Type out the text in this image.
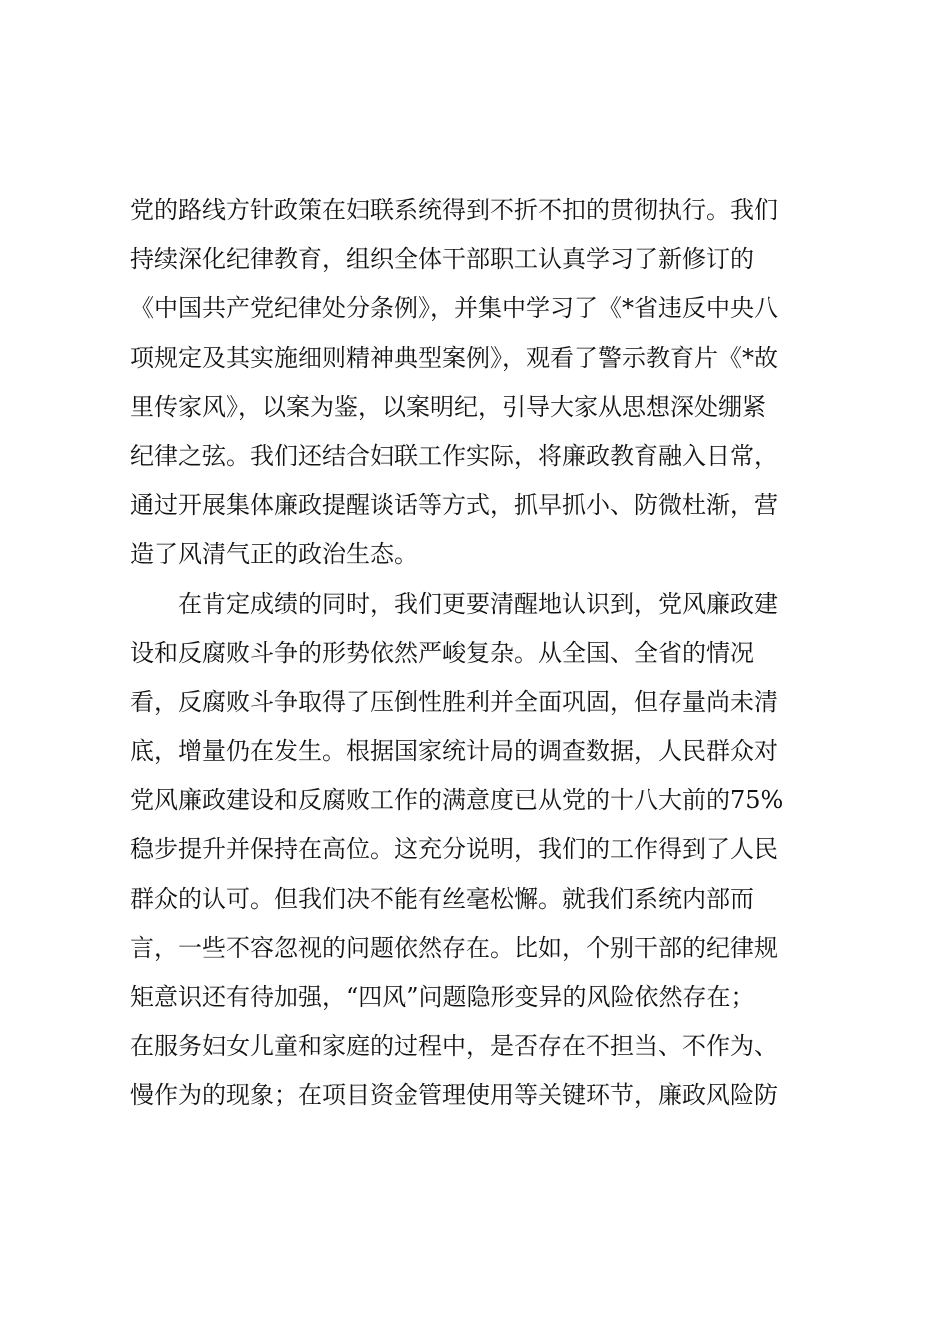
党的路线方针政策在妇联系统得到不折不扣的贯彻执行。我们
持续深化纪律教育，组织全体干部职工认真学习了新修订的
《中国共产党纪律处分条例》，并集中学习了《*省违反中央八
项规定及其实施细则精神典型案例》，观看了警示教育片《*故
里传家风》，以案为鉴，以案明纪，引导大家从思想深处绷紧
纪律之弦。我们还结合妇联工作实际，将廉政教育融入日常，
通过开展集体廉政提醒谈话等方式，抓早抓小、防微杜渐，营
造了风清气正的政治生态。
　　在肯定成绩的同时，我们更要清醒地认识到，党风廉政建
设和反腐败斗争的形势依然严峻复杂。从全国、全省的情况
看，反腐败斗争取得了压倒性胜利并全面巩固，但存量尚未清
底，增量仍在发生。根据国家统计局的调查数据，人民群众对
党风廉政建设和反腐败工作的满意度已从党的十八大前的75%
稳步提升并保持在高位。这充分说明，我们的工作得到了人民
群众的认可。但我们决不能有丝毫松懈。就我们系统内部而
言，一些不容忽视的问题依然存在。比如，个别干部的纪律规
矩意识还有待加强，“四风”问题隐形变异的风险依然存在；
在服务妇女儿童和家庭的过程中，是否存在不担当、不作为、
慢作为的现象；在项目资金管理使用等关键环节，廉政风险防
